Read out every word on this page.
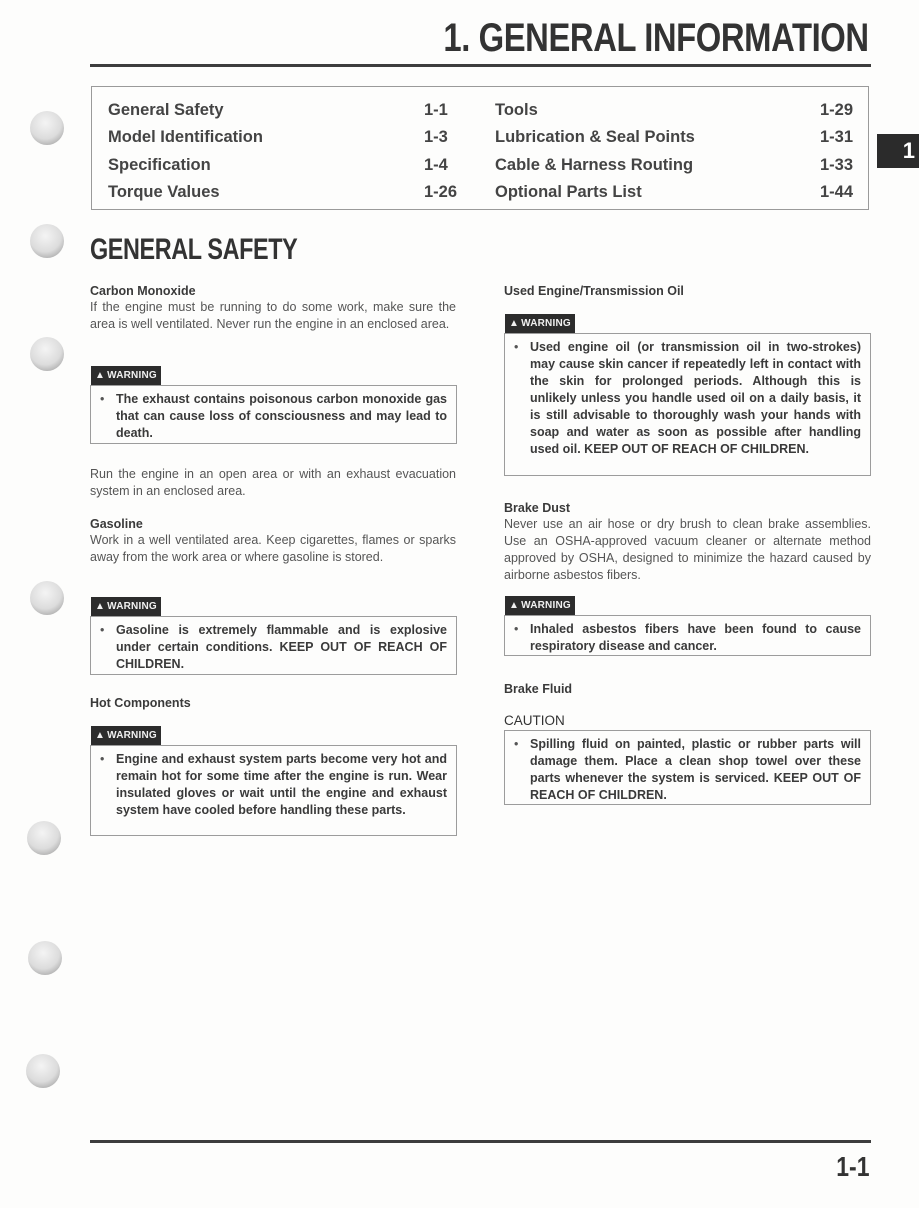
1. GENERAL INFORMATION
General Safety	1-1
Model Identification	1-3
Specification	1-4
Torque Values	1-26
Tools	1-29
Lubrication & Seal Points	1-31
Cable & Harness Routing	1-33
Optional Parts List	1-44
1
GENERAL SAFETY
Carbon Monoxide
If the engine must be running to do some work, make sure the area is well ventilated. Never run the engine in an enclosed area.
▲ WARNING
• The exhaust contains poisonous carbon monoxide gas that can cause loss of consciousness and may lead to death.
Run the engine in an open area or with an exhaust evacuation system in an enclosed area.
Gasoline
Work in a well ventilated area. Keep cigarettes, flames or sparks away from the work area or where gasoline is stored.
▲ WARNING
• Gasoline is extremely flammable and is explosive under certain conditions. KEEP OUT OF REACH OF CHILDREN.
Hot Components
▲ WARNING
• Engine and exhaust system parts become very hot and remain hot for some time after the engine is run. Wear insulated gloves or wait until the engine and exhaust system have cooled before handling these parts.
Used Engine/Transmission Oil
▲ WARNING
• Used engine oil (or transmission oil in two-strokes) may cause skin cancer if repeatedly left in contact with the skin for prolonged periods. Although this is unlikely unless you handle used oil on a daily basis, it is still advisable to thoroughly wash your hands with soap and water as soon as possible after handling used oil. KEEP OUT OF REACH OF CHILDREN.
Brake Dust
Never use an air hose or dry brush to clean brake assemblies. Use an OSHA-approved vacuum cleaner or alternate method approved by OSHA, designed to minimize the hazard caused by airborne asbestos fibers.
▲ WARNING
• Inhaled asbestos fibers have been found to cause respiratory disease and cancer.
Brake Fluid
CAUTION
• Spilling fluid on painted, plastic or rubber parts will damage them. Place a clean shop towel over these parts whenever the system is serviced. KEEP OUT OF REACH OF CHILDREN.
1-1
